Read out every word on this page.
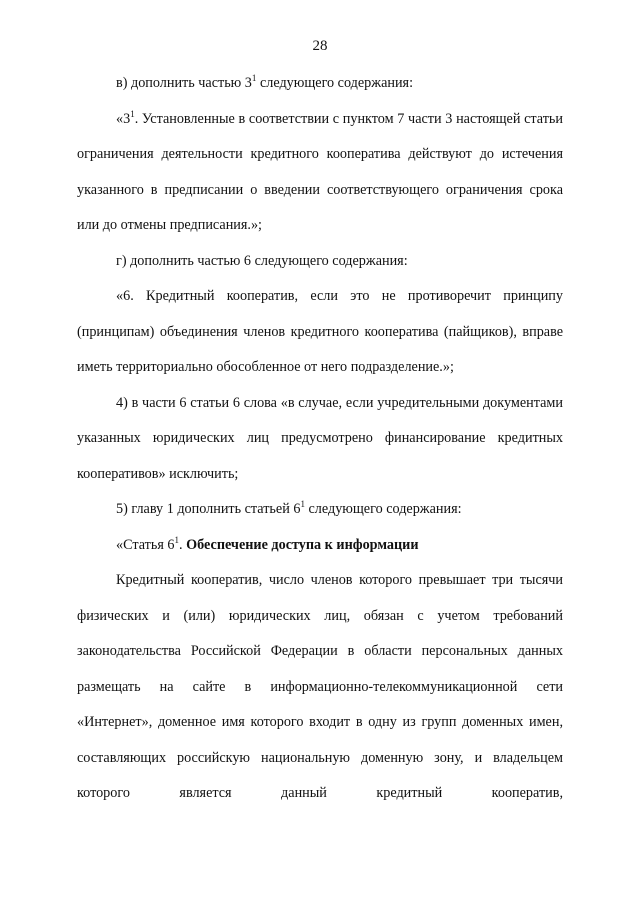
28

в) дополнить частью $3^1$ следующего содержания:

«$3^1$. Установленные в соответствии с пунктом 7 части 3 настоящей статьи ограничения деятельности кредитного кооператива действуют до истечения указанного в предписании о введении соответствующего ограничения срока или до отмены предписания.»;

г) дополнить частью 6 следующего содержания:

«6. Кредитный кооператив, если это не противоречит принципу (принципам) объединения членов кредитного кооператива (пайщиков), вправе иметь территориально обособленное от него подразделение.»;

4) в части 6 статьи 6 слова «в случае, если учредительными документами указанных юридических лиц предусмотрено финансирование кредитных кооперативов» исключить;

5) главу 1 дополнить статьей $6^1$ следующего содержания:

«Статья $6^1$. Обеспечение доступа к информации

Кредитный кооператив, число членов которого превышает три тысячи физических и (или) юридических лиц, обязан с учетом требований законодательства Российской Федерации в области персональных данных размещать на сайте в информационно-телекоммуникационной сети «Интернет», доменное имя которого входит в одну из групп доменных имен, составляющих российскую национальную доменную зону, и владельцем которого является данный кредитный кооператив,
